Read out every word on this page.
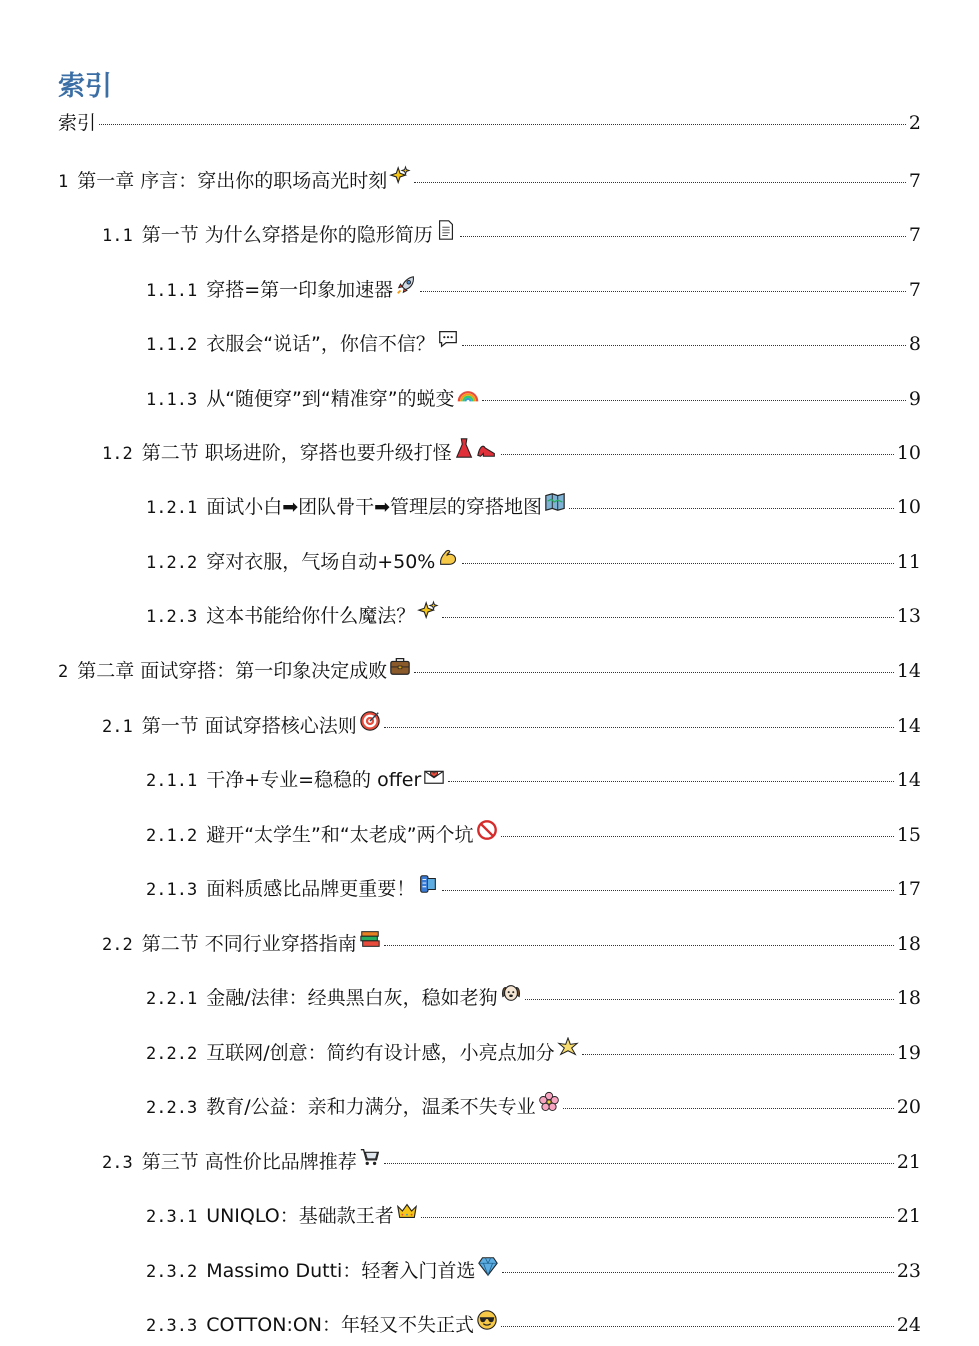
索引
索引	2
1 第一章 序言：穿出你的职场高光时刻	7
1.1 第一节 为什么穿搭是你的隐形简历	7
1.1.1 穿搭=第一印象加速器	7
1.1.2 衣服会“说话”，你信不信？	8
1.1.3 从“随便穿”到“精准穿”的蜕变	9
1.2 第二节 职场进阶，穿搭也要升级打怪	10
1.2.1 面试小白➡团队骨干➡管理层的穿搭地图	10
1.2.2 穿对衣服，气场自动+50%	11
1.2.3 这本书能给你什么魔法？	13
2 第二章 面试穿搭：第一印象决定成败	14
2.1 第一节 面试穿搭核心法则	14
2.1.1 干净+专业=稳稳的 offer	14
2.1.2 避开“太学生”和“太老成”两个坑	15
2.1.3 面料质感比品牌更重要！	17
2.2 第二节 不同行业穿搭指南	18
2.2.1 金融/法律：经典黑白灰，稳如老狗	18
2.2.2 互联网/创意：简约有设计感，小亮点加分	19
2.2.3 教育/公益：亲和力满分，温柔不失专业	20
2.3 第三节 高性价比品牌推荐	21
2.3.1 UNIQLO：基础款王者	21
2.3.2 Massimo Dutti：轻奢入门首选	23
2.3.3 COTTON:ON：年轻又不失正式	24
